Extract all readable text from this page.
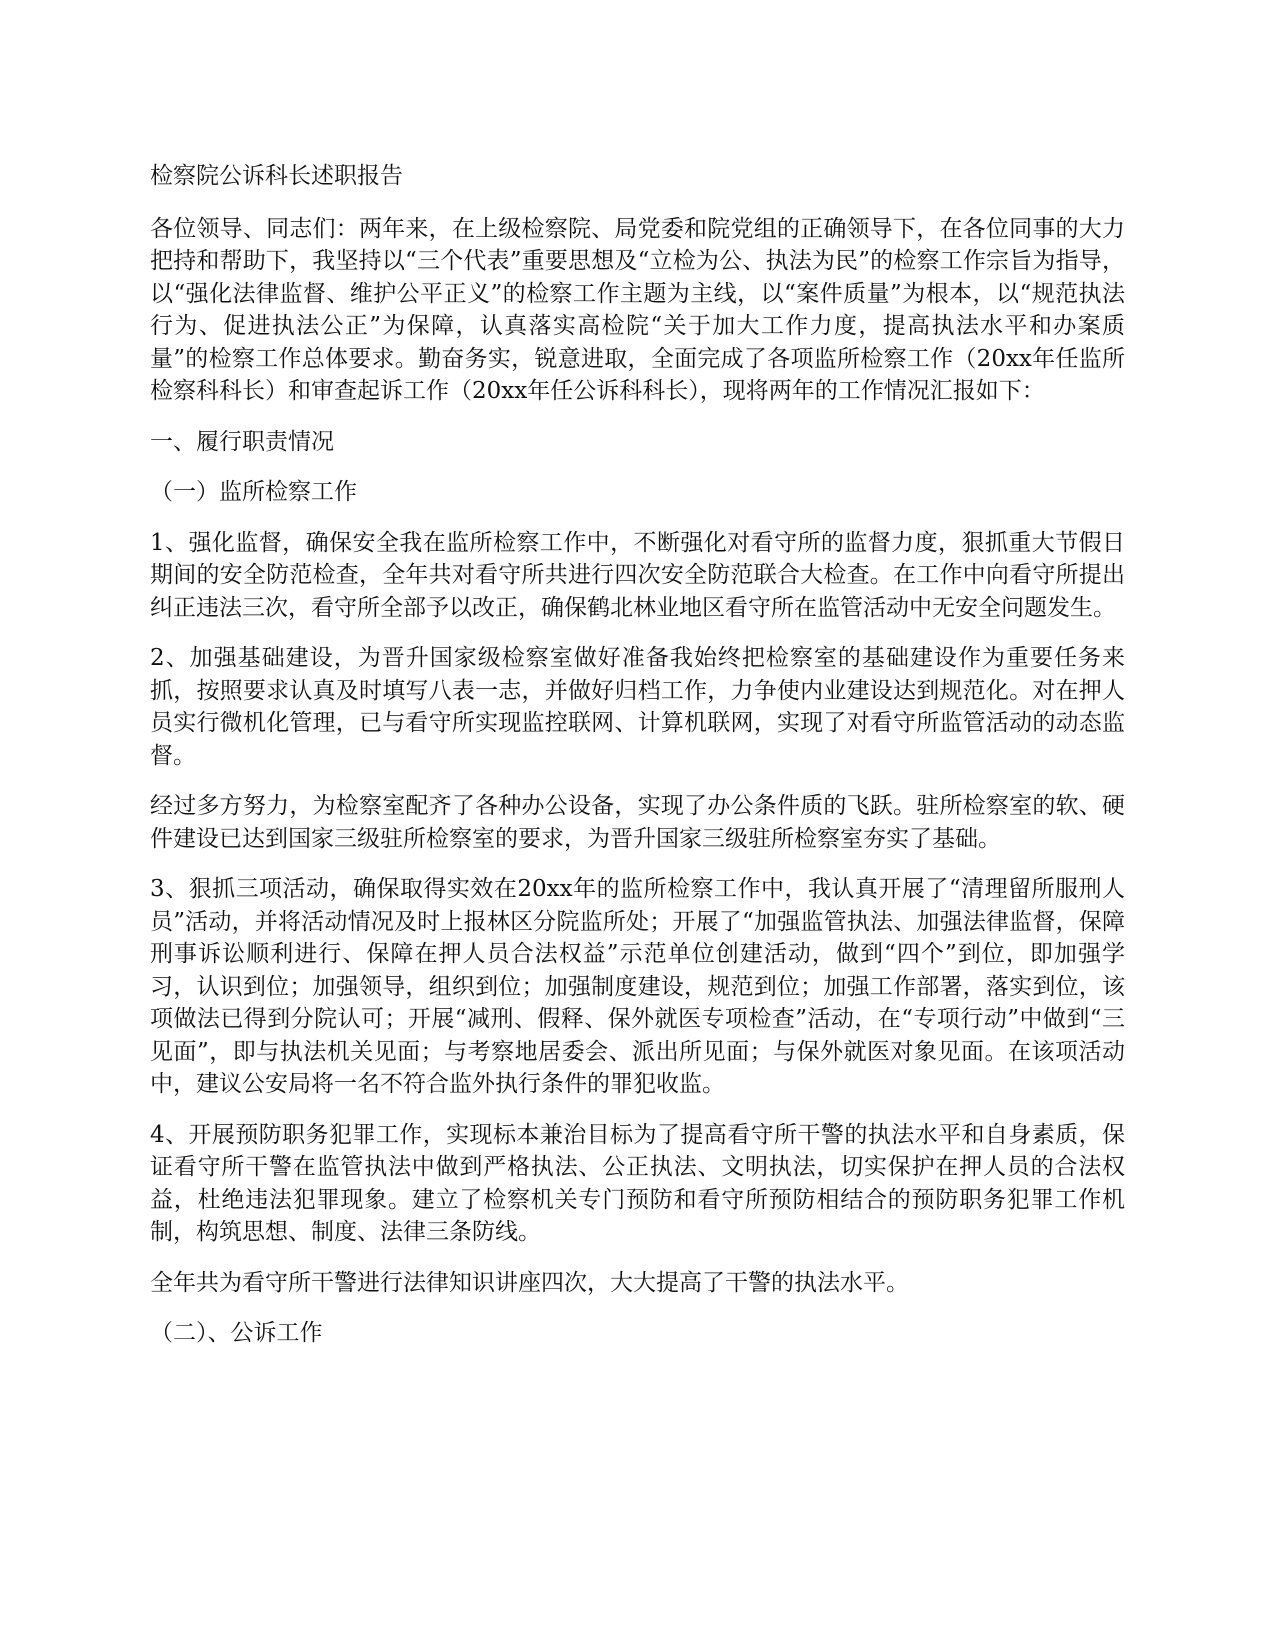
检察院公诉科长述职报告

各位领导、同志们：两年来，在上级检察院、局党委和院党组的正确领导下，在各位同事的大力把持和帮助下，我坚持以“三个代表”重要思想及“立检为公、执法为民”的检察工作宗旨为指导，以“强化法律监督、维护公平正义”的检察工作主题为主线，以“案件质量”为根本，以“规范执法行为、促进执法公正”为保障，认真落实高检院“关于加大工作力度，提高执法水平和办案质量”的检察工作总体要求。勤奋务实，锐意进取，全面完成了各项监所检察工作（20xx年任监所检察科科长）和审查起诉工作（20xx年任公诉科科长），现将两年的工作情况汇报如下：

一、履行职责情况

（一）监所检察工作

1、强化监督，确保安全我在监所检察工作中，不断强化对看守所的监督力度，狠抓重大节假日期间的安全防范检查，全年共对看守所共进行四次安全防范联合大检查。在工作中向看守所提出纠正违法三次，看守所全部予以改正，确保鹤北林业地区看守所在监管活动中无安全问题发生。

2、加强基础建设，为晋升国家级检察室做好准备我始终把检察室的基础建设作为重要任务来抓，按照要求认真及时填写八表一志，并做好归档工作，力争使内业建设达到规范化。对在押人员实行微机化管理，已与看守所实现监控联网、计算机联网，实现了对看守所监管活动的动态监督。

经过多方努力，为检察室配齐了各种办公设备，实现了办公条件质的飞跃。驻所检察室的软、硬件建设已达到国家三级驻所检察室的要求，为晋升国家三级驻所检察室夯实了基础。

3、狠抓三项活动，确保取得实效在20xx年的监所检察工作中，我认真开展了“清理留所服刑人员”活动，并将活动情况及时上报林区分院监所处；开展了“加强监管执法、加强法律监督，保障刑事诉讼顺利进行、保障在押人员合法权益”示范单位创建活动，做到“四个”到位，即加强学习，认识到位；加强领导，组织到位；加强制度建设，规范到位；加强工作部署，落实到位，该项做法已得到分院认可；开展“减刑、假释、保外就医专项检查”活动，在“专项行动”中做到“三见面”，即与执法机关见面；与考察地居委会、派出所见面；与保外就医对象见面。在该项活动中，建议公安局将一名不符合监外执行条件的罪犯收监。

4、开展预防职务犯罪工作，实现标本兼治目标为了提高看守所干警的执法水平和自身素质，保证看守所干警在监管执法中做到严格执法、公正执法、文明执法，切实保护在押人员的合法权益，杜绝违法犯罪现象。建立了检察机关专门预防和看守所预防相结合的预防职务犯罪工作机制，构筑思想、制度、法律三条防线。

全年共为看守所干警进行法律知识讲座四次，大大提高了干警的执法水平。

（二）、公诉工作
